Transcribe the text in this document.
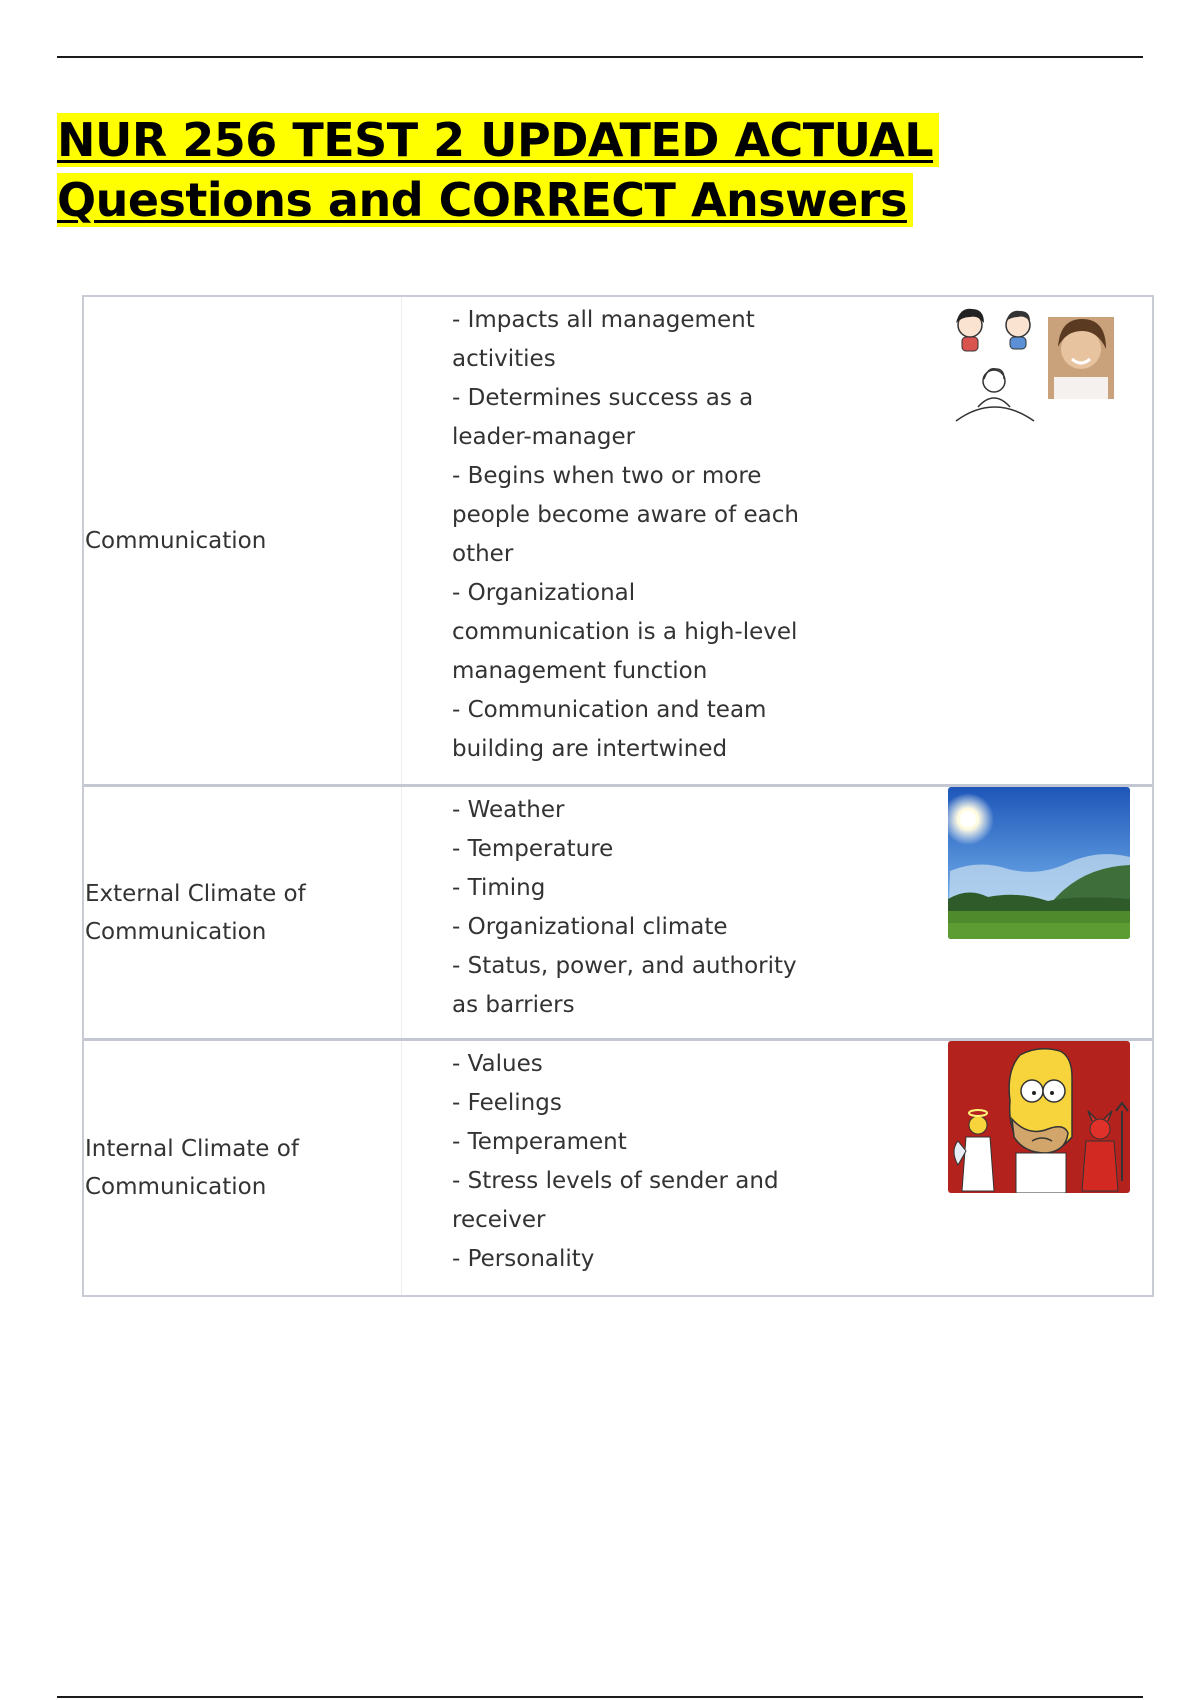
NUR 256 TEST 2 UPDATED ACTUAL Questions and CORRECT Answers
Communication
- Impacts all management activities
- Determines success as a leader-manager
- Begins when two or more people become aware of each other
- Organizational communication is a high-level management function
- Communication and team building are intertwined
External Climate of Communication
- Weather
- Temperature
- Timing
- Organizational climate
- Status, power, and authority as barriers
Internal Climate of Communication
- Values
- Feelings
- Temperament
- Stress levels of sender and receiver
- Personality
